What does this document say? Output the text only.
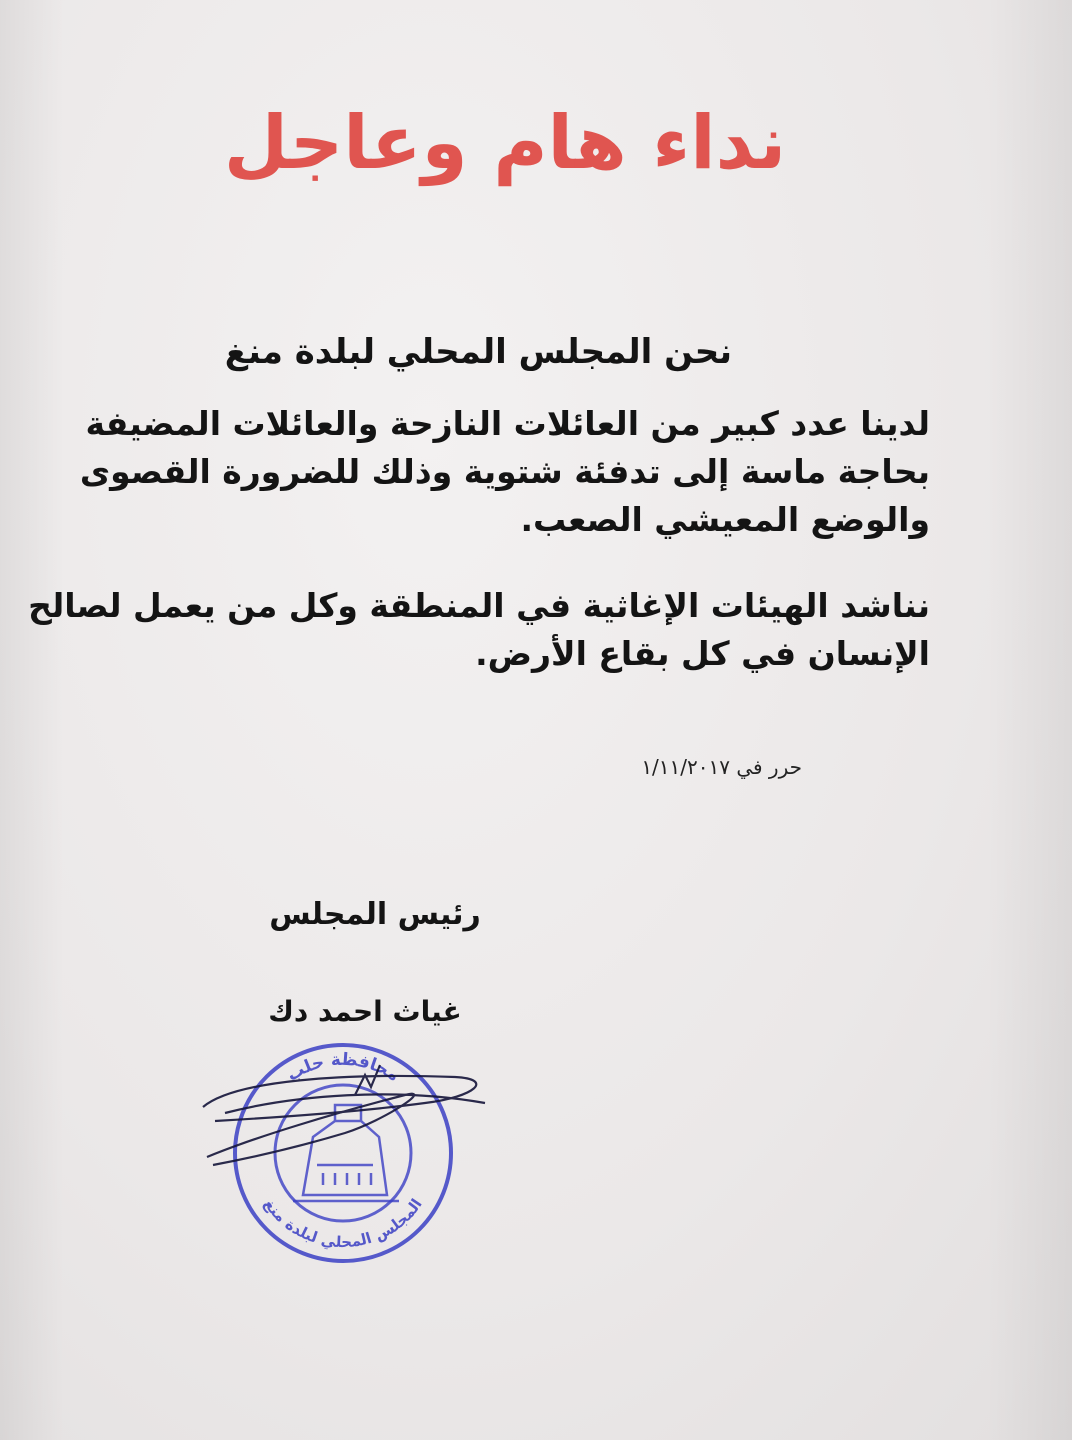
نداء هام وعاجل
نحن المجلس المحلي لبلدة منغ
لدينا عدد كبير من العائلات النازحة والعائلات المضيفة
بحاجة ماسة إلى تدفئة شتوية وذلك للضرورة القصوى
والوضع المعيشي الصعب.
نناشد الهيئات الإغاثية في المنطقة وكل من يعمل لصالح
الإنسان في كل بقاع الأرض.
حرر في ١/١١/٢٠١٧
رئيس المجلس
غياث احمد دك
محافظة حلب
المجلس المحلي لبلدة منغ
